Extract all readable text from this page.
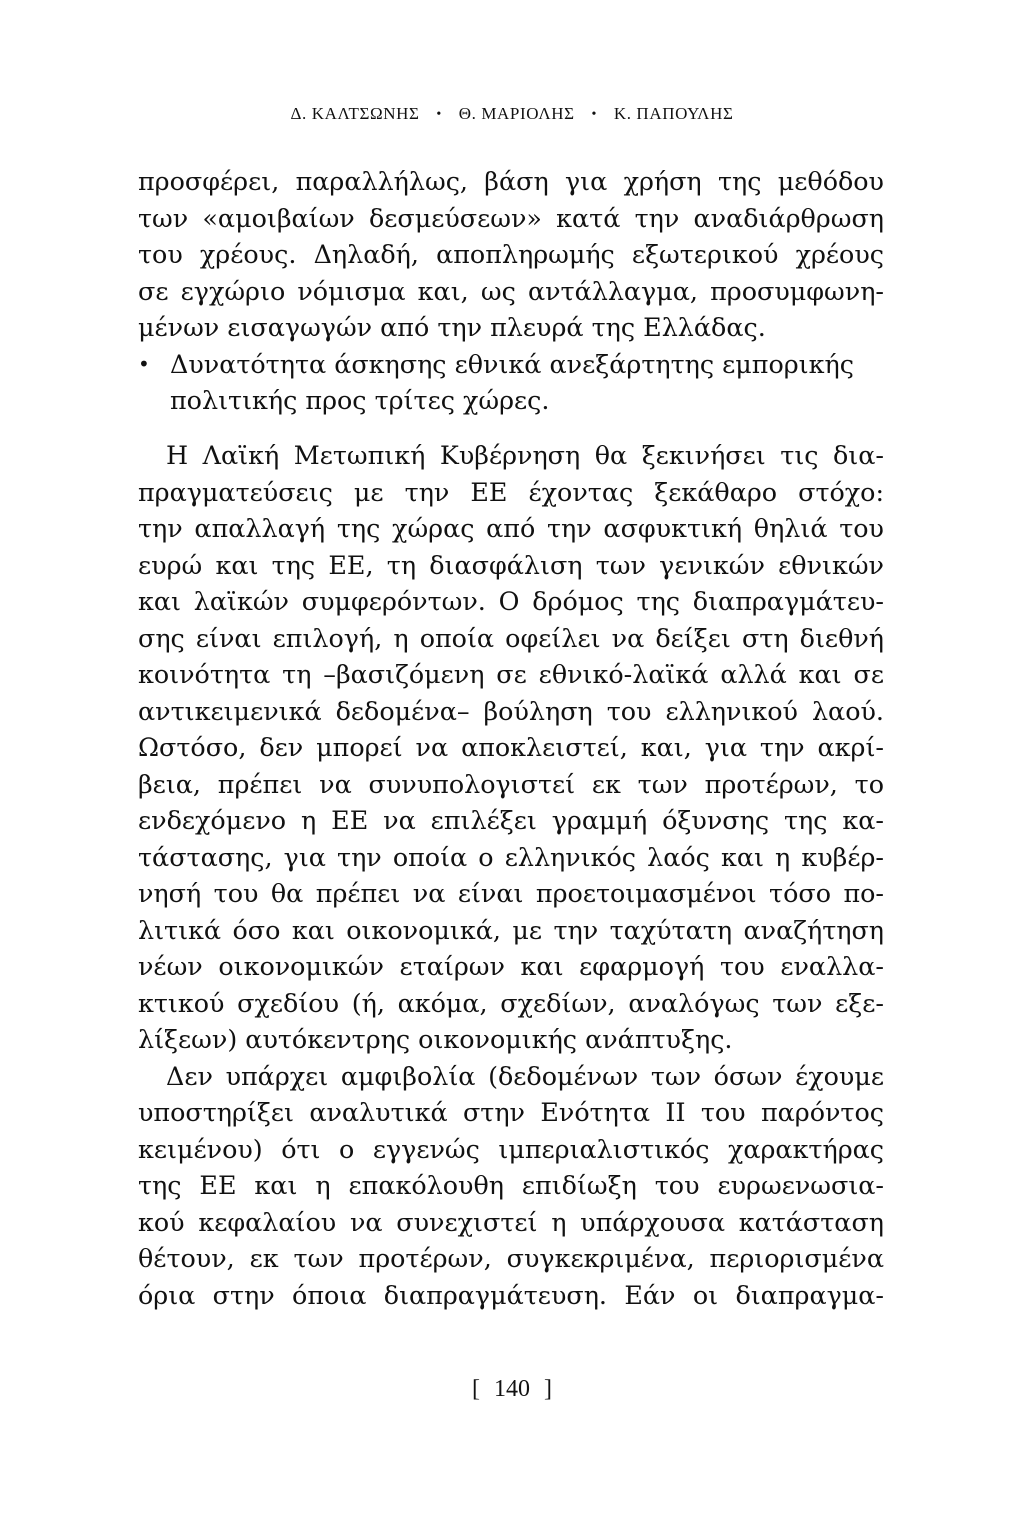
Δ. ΚΑΛΤΣΩΝΗΣ • Θ. ΜΑΡΙΟΛΗΣ • Κ. ΠΑΠΟΥΛΗΣ
προσφέρει, παραλλήλως, βάση για χρήση της μεθόδου
των «αμοιβαίων δεσμεύσεων» κατά την αναδιάρθρωση
του χρέους. Δηλαδή, αποπληρωμής εξωτερικού χρέους
σε εγχώριο νόμισμα και, ως αντάλλαγμα, προσυμφωνη-
μένων εισαγωγών από την πλευρά της Ελλάδας.
• Δυνατότητα άσκησης εθνικά ανεξάρτητης εμπορικής
πολιτικής προς τρίτες χώρες.
Η Λαϊκή Μετωπική Κυβέρνηση θα ξεκινήσει τις δια-
πραγματεύσεις με την ΕΕ έχοντας ξεκάθαρο στόχο:
την απαλλαγή της χώρας από την ασφυκτική θηλιά του
ευρώ και της ΕΕ, τη διασφάλιση των γενικών εθνικών
και λαϊκών συμφερόντων. Ο δρόμος της διαπραγμάτευ-
σης είναι επιλογή, η οποία οφείλει να δείξει στη διεθνή
κοινότητα τη –βασιζόμενη σε εθνικό-λαϊκά αλλά και σε
αντικειμενικά δεδομένα– βούληση του ελληνικού λαού.
Ωστόσο, δεν μπορεί να αποκλειστεί, και, για την ακρί-
βεια, πρέπει να συνυπολογιστεί εκ των προτέρων, το
ενδεχόμενο η ΕΕ να επιλέξει γραμμή όξυνσης της κα-
τάστασης, για την οποία ο ελληνικός λαός και η κυβέρ-
νησή του θα πρέπει να είναι προετοιμασμένοι τόσο πο-
λιτικά όσο και οικονομικά, με την ταχύτατη αναζήτηση
νέων οικονομικών εταίρων και εφαρμογή του εναλλα-
κτικού σχεδίου (ή, ακόμα, σχεδίων, αναλόγως των εξε-
λίξεων) αυτόκεντρης οικονομικής ανάπτυξης.
Δεν υπάρχει αμφιβολία (δεδομένων των όσων έχουμε
υποστηρίξει αναλυτικά στην Ενότητα ΙΙ του παρόντος
κειμένου) ότι ο εγγενώς ιμπεριαλιστικός χαρακτήρας
της ΕΕ και η επακόλουθη επιδίωξη του ευρωενωσια-
κού κεφαλαίου να συνεχιστεί η υπάρχουσα κατάσταση
θέτουν, εκ των προτέρων, συγκεκριμένα, περιορισμένα
όρια στην όποια διαπραγμάτευση. Εάν οι διαπραγμα-
[ 140 ]
